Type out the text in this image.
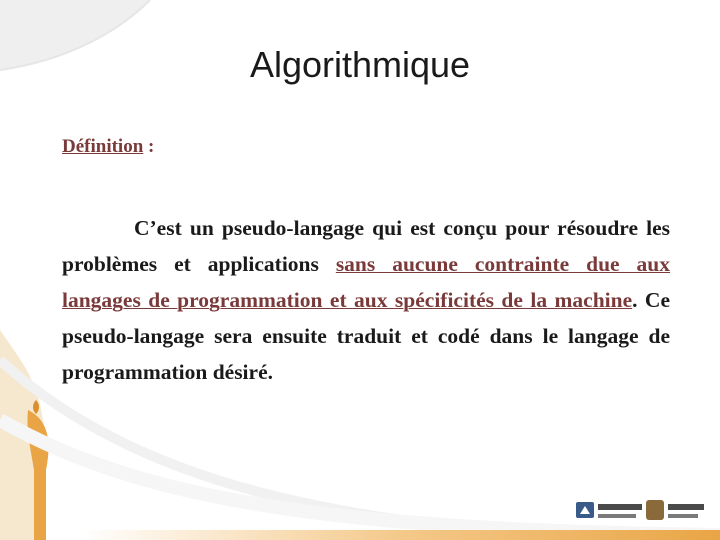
Algorithmique
Définition :

C’est un pseudo-langage qui est conçu pour résoudre les problèmes et applications sans aucune contrainte due aux langages de programmation et aux spécificités de la machine. Ce pseudo-langage sera ensuite traduit et codé dans le langage de programmation désiré.
